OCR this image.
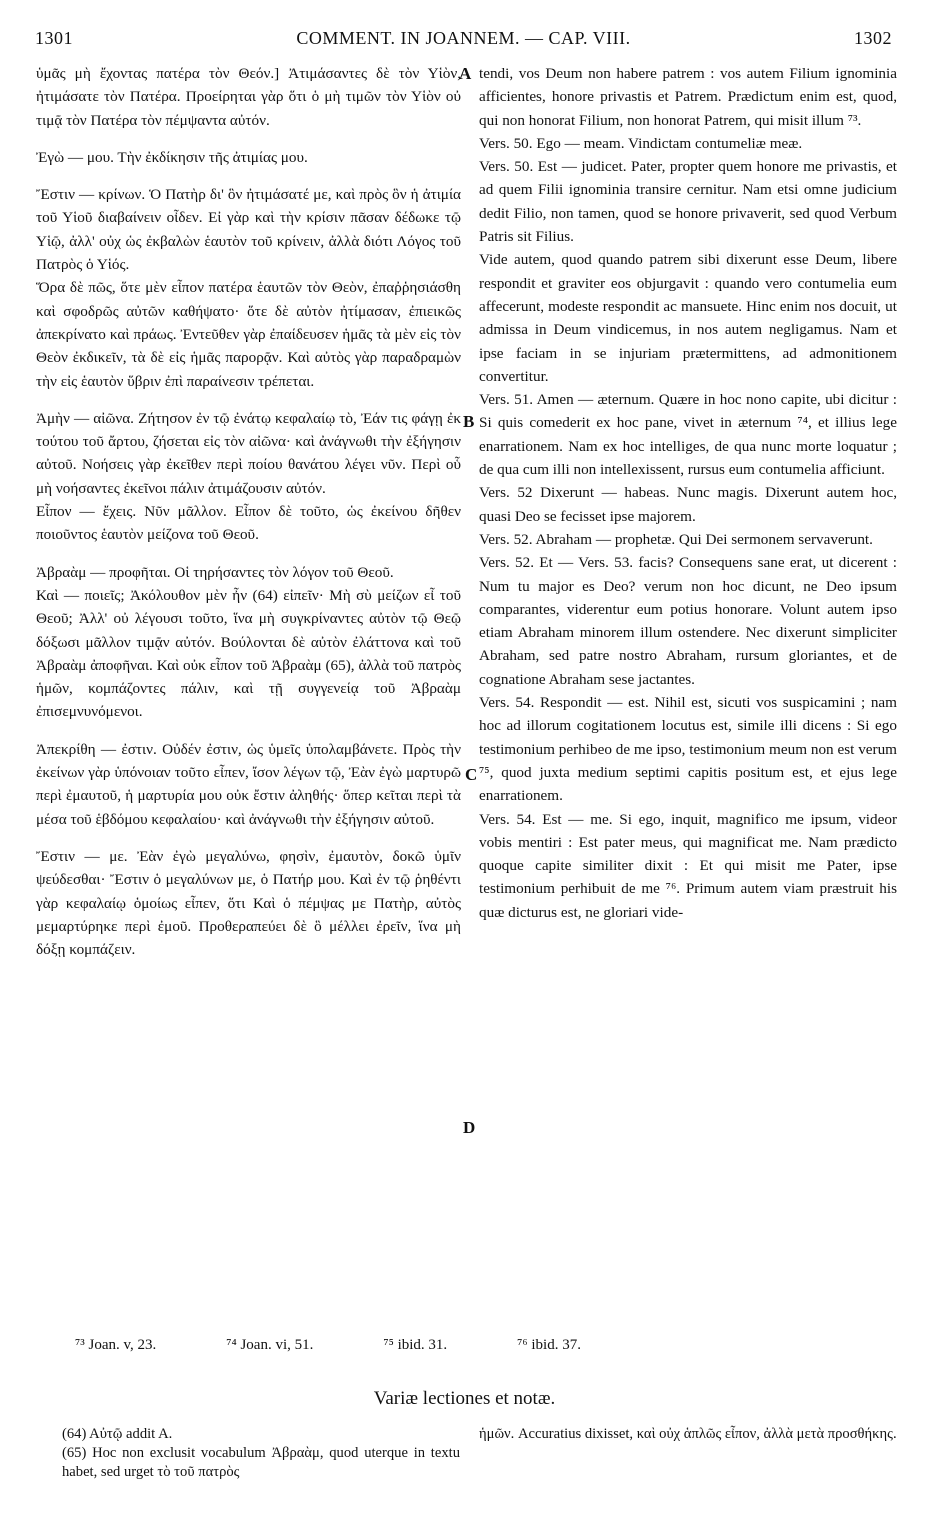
1301	COMMENT. IN JOANNEM. — CAP. VIII.	1302

ὑμᾶς μὴ ἔχοντας πατέρα τὸν Θεόν.] Ἀτιμάσαντες δὲ τὸν Υἱὸν, ἠτιμάσατε τὸν Πατέρα. Προείρηται γὰρ ὅτι ὁ μὴ τιμῶν τὸν Υἱὸν οὐ τιμᾷ τὸν Πατέρα τὸν πέμψαντα αὐτόν.

Ἐγὼ — μου. Τὴν ἐκδίκησιν τῆς ἀτιμίας μου.

Ἔστιν — κρίνων. Ὁ Πατὴρ δι' ὃν ἠτιμάσατέ με, καὶ πρὸς ὃν ἡ ἀτιμία τοῦ Υἱοῦ διαβαίνειν οἶδεν. Εἰ γὰρ καὶ τὴν κρίσιν πᾶσαν δέδωκε τῷ Υἱῷ, ἀλλ' οὐχ ὡς ἐκβαλὼν ἑαυτὸν τοῦ κρίνειν, ἀλλὰ διότι Λόγος τοῦ Πατρὸς ὁ Υἱός.

Ὅρα δὲ πῶς, ὅτε μὲν εἶπον πατέρα ἑαυτῶν τὸν Θεὸν, ἐπαῤῥησιάσθη καὶ σφοδρῶς αὐτῶν καθήψατο· ὅτε δὲ αὐτὸν ἠτίμασαν, ἐπιεικῶς ἀπεκρίνατο καὶ πράως. Ἐντεῦθεν γὰρ ἐπαίδευσεν ἡμᾶς τὰ μὲν εἰς τὸν Θεὸν ἐκδικεῖν, τὰ δὲ εἰς ἡμᾶς παρορᾷν. Καὶ αὐτὸς γὰρ παραδραμὼν τὴν εἰς ἑαυτὸν ὕβριν ἐπὶ παραίνεσιν τρέπεται.

Ἀμὴν — αἰῶνα. Ζήτησον ἐν τῷ ἐνάτῳ κεφαλαίῳ τὸ, Ἐάν τις φάγῃ ἐκ τούτου τοῦ ἄρτου, ζήσεται εἰς τὸν αἰῶνα· καὶ ἀνάγνωθι τὴν ἐξήγησιν αὐτοῦ. Νοήσεις γὰρ ἐκεῖθεν περὶ ποίου θανάτου λέγει νῦν. Περὶ οὗ μὴ νοήσαντες ἐκεῖνοι πάλιν ἀτιμάζουσιν αὐτόν.

Εἶπον — ἔχεις. Νῦν μᾶλλον. Εἶπον δὲ τοῦτο, ὡς ἐκείνου δῆθεν ποιοῦντος ἑαυτὸν μείζονα τοῦ Θεοῦ.

Ἀβραὰμ — προφῆται. Οἱ τηρήσαντες τὸν λόγον τοῦ Θεοῦ.

Καὶ — ποιεῖς; Ἀκόλουθον μὲν ἦν (64) εἰπεῖν· Μὴ σὺ μείζων εἶ τοῦ Θεοῦ; Ἀλλ' οὐ λέγουσι τοῦτο, ἵνα μὴ συγκρίναντες αὐτὸν τῷ Θεῷ δόξωσι μᾶλλον τιμᾷν αὐτόν. Βούλονται δὲ αὐτὸν ἐλάττονα καὶ τοῦ Ἀβραὰμ ἀποφῆναι. Καὶ οὐκ εἶπον τοῦ Ἀβραὰμ (65), ἀλλὰ τοῦ πατρὸς ἡμῶν, κομπάζοντες πάλιν, καὶ τῇ συγγενείᾳ τοῦ Ἀβραὰμ ἐπισεμνυνόμενοι.

Ἀπεκρίθη — ἐστιν. Οὐδέν ἐστιν, ὡς ὑμεῖς ὑπολαμβάνετε. Πρὸς τὴν ἐκείνων γὰρ ὑπόνοιαν τοῦτο εἶπεν, ἴσον λέγων τῷ, Ἐὰν ἐγὼ μαρτυρῶ περὶ ἐμαυτοῦ, ἡ μαρτυρία μου οὐκ ἔστιν ἀληθής· ὅπερ κεῖται περὶ τὰ μέσα τοῦ ἑβδόμου κεφαλαίου· καὶ ἀνάγνωθι τὴν ἐξήγησιν αὐτοῦ.

Ἔστιν — με. Ἐὰν ἐγὼ μεγαλύνω, φησὶν, ἐμαυτὸν, δοκῶ ὑμῖν ψεύδεσθαι· Ἔστιν ὁ μεγαλύνων με, ὁ Πατήρ μου. Καὶ ἐν τῷ ῥηθέντι γὰρ κεφαλαίῳ ὁμοίως εἶπεν, ὅτι Καὶ ὁ πέμψας με Πατὴρ, αὐτὸς μεμαρτύρηκε περὶ ἐμοῦ. Προθεραπεύει δὲ ὃ μέλλει ἐρεῖν, ἵνα μὴ δόξῃ κομπάζειν.

A
B
C
D

tendi, vos Deum non habere patrem : vos autem Filium ignominia afficientes, honore privastis et Patrem. Prædictum enim est, quod, qui non honorat Filium, non honorat Patrem, qui misit illum ⁷³.

Vers. 50. Ego — meam. Vindictam contumeliæ meæ.

Vers. 50. Est — judicet. Pater, propter quem honore me privastis, et ad quem Filii ignominia transire cernitur. Nam etsi omne judicium dedit Filio, non tamen, quod se honore privaverit, sed quod Verbum Patris sit Filius.

Vide autem, quod quando patrem sibi dixerunt esse Deum, libere respondit et graviter eos objurgavit : quando vero contumelia eum affecerunt, modeste respondit ac mansuete. Hinc enim nos docuit, ut admissa in Deum vindicemus, in nos autem negligamus. Nam et ipse faciam in se injuriam prætermittens, ad admonitionem convertitur.

Vers. 51. Amen — æternum. Quære in hoc nono capite, ubi dicitur : Si quis comederit ex hoc pane, vivet in æternum ⁷⁴, et illius lege enarrationem. Nam ex hoc intelliges, de qua nunc morte loquatur ; de qua cum illi non intellexissent, rursus eum contumelia afficiunt.

Vers. 52 Dixerunt — habeas. Nunc magis. Dixerunt autem hoc, quasi Deo se fecisset ipse majorem.

Vers. 52. Abraham — prophetæ. Qui Dei sermonem servaverunt.

Vers. 52. Et — Vers. 53. facis? Consequens sane erat, ut dicerent : Num tu major es Deo? verum non hoc dicunt, ne Deo ipsum comparantes, viderentur eum potius honorare. Volunt autem ipso etiam Abraham minorem illum ostendere. Nec dixerunt simpliciter Abraham, sed patre nostro Abraham, rursum gloriantes, et de cognatione Abraham sese jactantes.

Vers. 54. Respondit — est. Nihil est, sicuti vos suspicamini ; nam hoc ad illorum cogitationem locutus est, simile illi dicens : Si ego testimonium perhibeo de me ipso, testimonium meum non est verum ⁷⁵, quod juxta medium septimi capitis positum est, et ejus lege enarrationem.

Vers. 54. Est — me. Si ego, inquit, magnifico me ipsum, videor vobis mentiri : Est pater meus, qui magnificat me. Nam prædicto quoque capite similiter dixit : Et qui misit me Pater, ipse testimonium perhibuit de me ⁷⁶. Primum autem viam præstruit his quæ dicturus est, ne gloriari vide-

⁷³ Joan. v, 23.	⁷⁴ Joan. vi, 51.	⁷⁵ ibid. 31.	⁷⁶ ibid. 37.
Variæ lectiones et notæ.

(64) Αὐτῷ addit A.

(65) Hoc non exclusit vocabulum Ἀβραὰμ, quod uterque in textu habet, sed urget τὸ τοῦ πατρὸς

ἡμῶν. Accuratius dixisset, καὶ οὐχ ἁπλῶς εἶπον, ἀλλὰ μετὰ προσθήκης.
